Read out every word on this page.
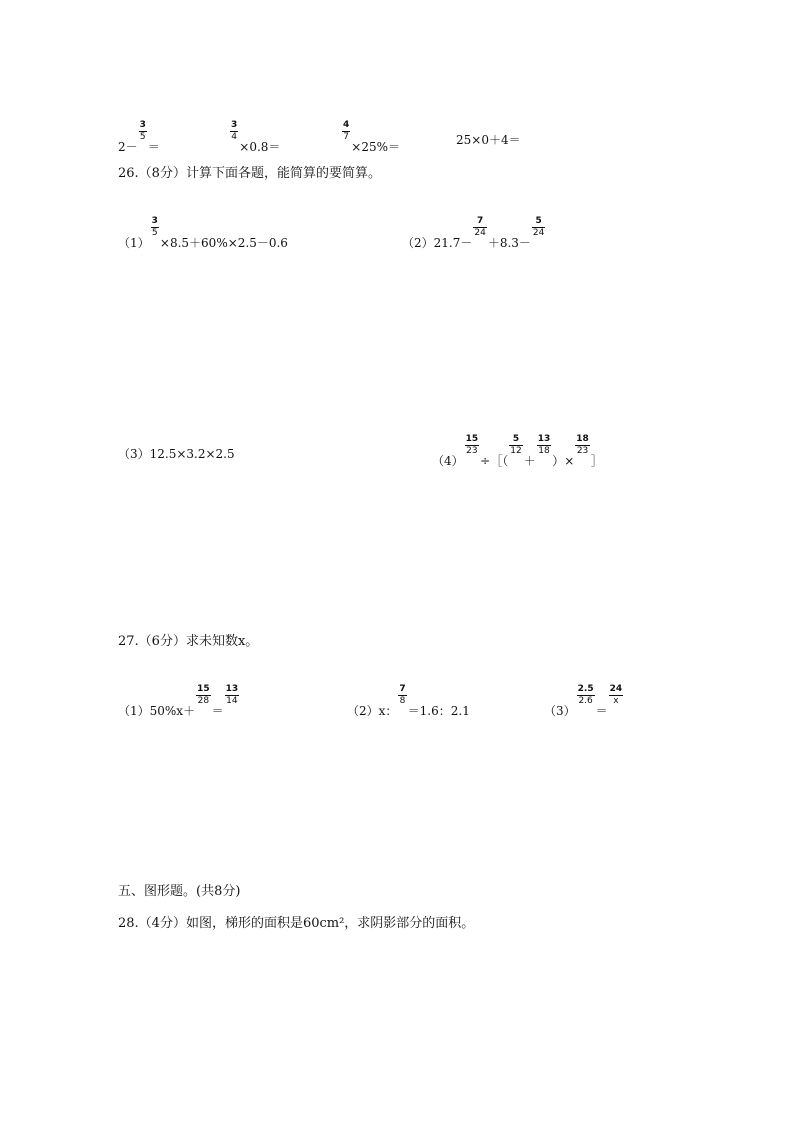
2－
$\frac{3}{5}$
＝
$\frac{3}{4}$
×0.8＝
$\frac{4}{7}$
×25%＝	25×0＋4＝
26.（8分）计算下面各题，能简算的要简算。
（1）
$\frac{3}{5}$
×8.5＋60%×2.5－0.6	（2）21.7－
$\frac{7}{24}$
＋8.3－
$\frac{5}{24}$
（3）12.5×3.2×2.5	（4）
$\frac{15}{23}$
÷［（
$\frac{5}{12}$
＋
$\frac{13}{18}$
）×
$\frac{18}{23}$
］
27.（6分）求未知数x。
（1）50%x＋
$\frac{15}{28}$
＝
$\frac{13}{14}$
（2）x：
$\frac{7}{8}$
＝1.6：2.1	（3）
$\frac{2.5}{2.6}$
＝
$\frac{24}{x}$
五、图形题。(共8分)
28.（4分）如图，梯形的面积是60cm²，求阴影部分的面积。
